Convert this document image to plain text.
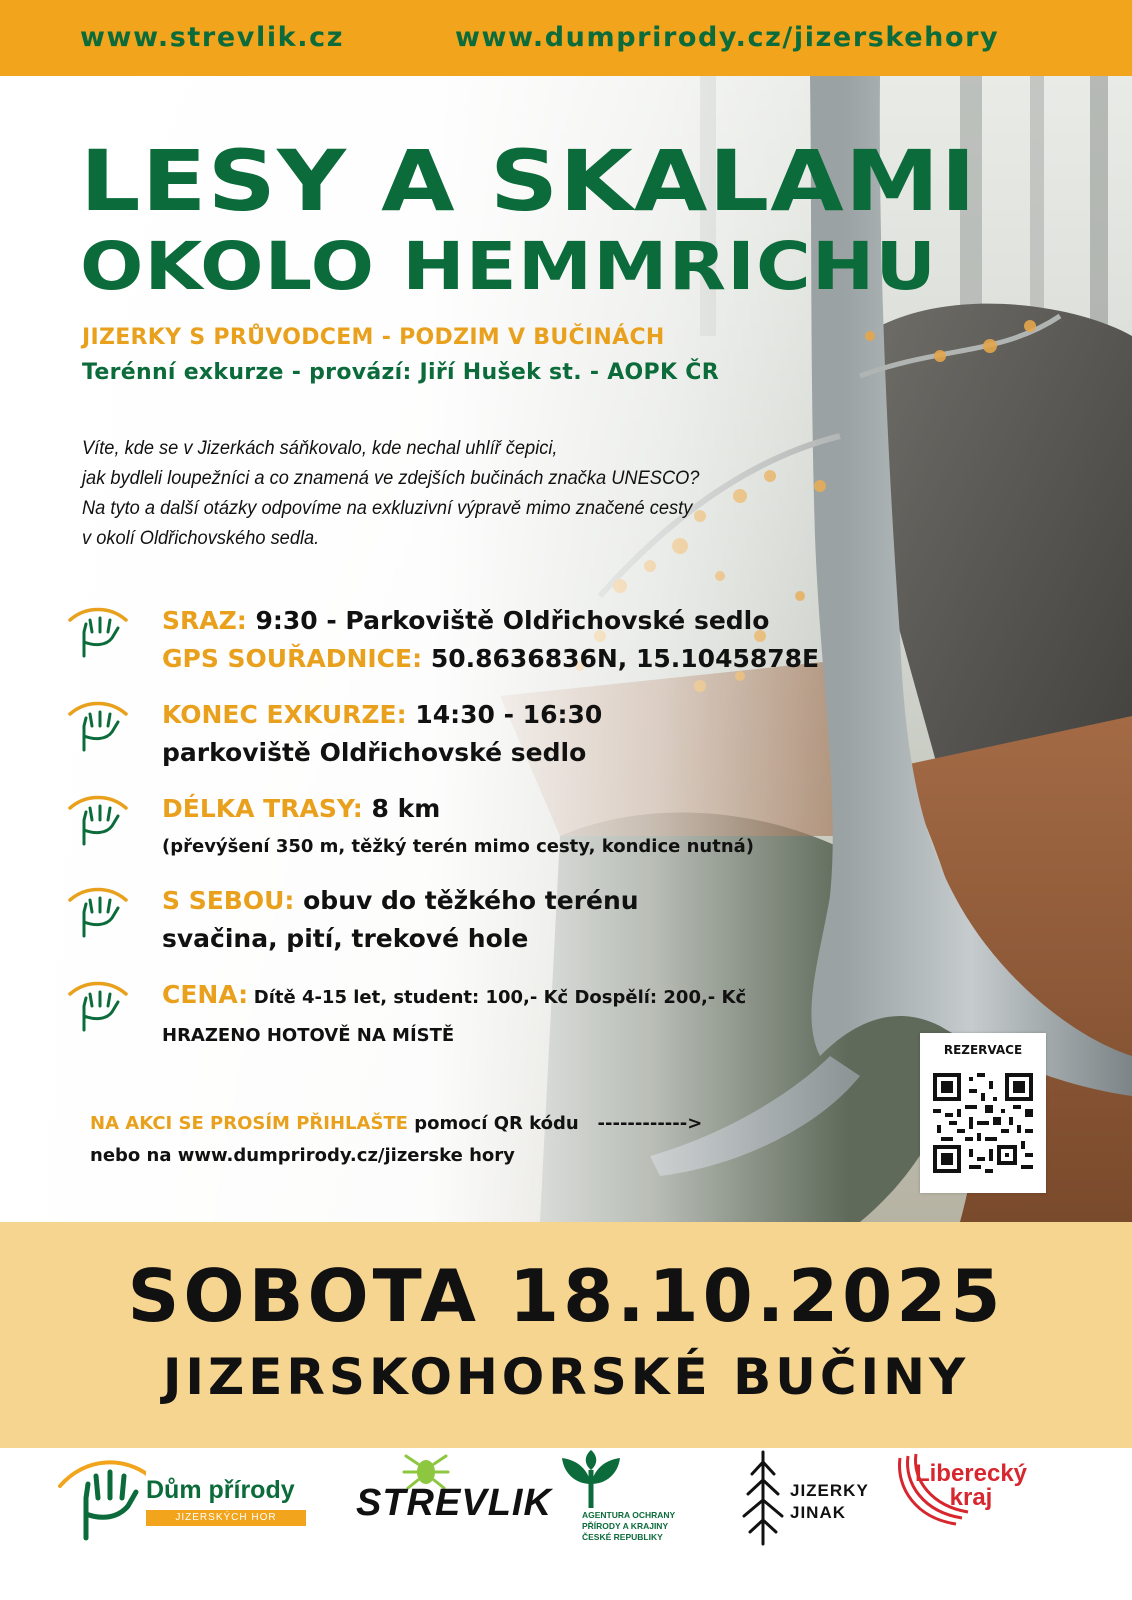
www.strevlik.cz	www.dumprirody.cz/jizerskehory
LESY A SKALAMI
OKOLO HEMMRICHU
JIZERKY S PRŮVODCEM - PODZIM V BUČINÁCH
Terénní exkurze - provází: Jiří Hušek st. - AOPK ČR
Víte, kde se v Jizerkách sáňkovalo, kde nechal uhlíř čepici,
jak bydleli loupežníci a co znamená ve zdejších bučinách značka UNESCO?
Na tyto a další otázky odpovíme na exkluzivní výpravě mimo značené cesty
v okolí Oldřichovského sedla.
SRAZ: 9:30 - Parkoviště Oldřichovské sedlo
GPS SOUŘADNICE: 50.8636836N, 15.1045878E
KONEC EXKURZE: 14:30 - 16:30
parkoviště Oldřichovské sedlo
DÉLKA TRASY: 8 km
(převýšení 350 m, těžký terén mimo cesty, kondice nutná)
S SEBOU: obuv do těžkého terénu
svačina, pití, trekové hole
CENA: Dítě 4-15 let, student: 100,- Kč Dospělí: 200,- Kč
HRAZENO HOTOVĚ NA MÍSTĚ
NA AKCI SE PROSÍM PŘIHLAŠTE pomocí QR kódu ------------>
nebo na www.dumprirody.cz/jizerske hory
REZERVACE
SOBOTA 18.10.2025
JIZERSKOHORSKÉ BUČINY
Dům přírody
JIZERSKÝCH HOR	STREVLIK	AGENTURA OCHRANY
PŘÍRODY A KRAJINY
ČESKÉ REPUBLIKY
JIZERKY
JINAK
Liberecký
kraj
